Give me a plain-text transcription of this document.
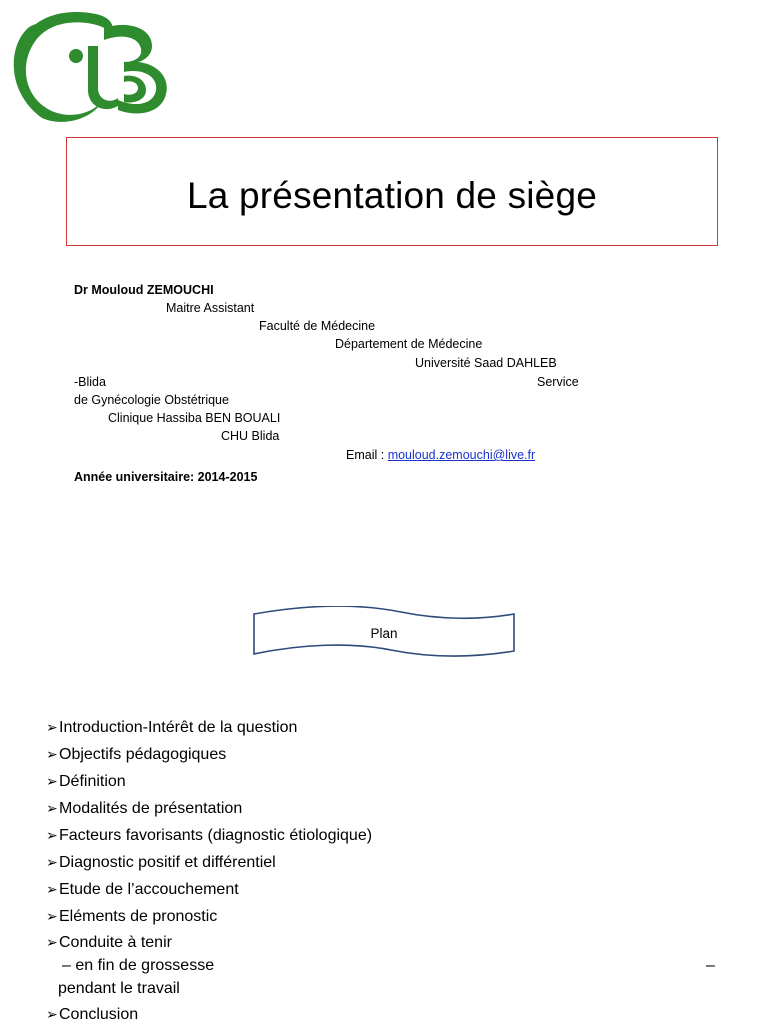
La présentation de siège
Dr Mouloud ZEMOUCHI
Maitre Assistant
Faculté de Médecine
Département de Médecine
Université Saad DAHLEB
-Blida	Service
de Gynécologie Obstétrique
Clinique Hassiba BEN BOUALI
CHU Blida
Email : mouloud.zemouchi@live.fr
Année universitaire: 2014-2015
Plan
➢Introduction-Intérêt de la question
➢Objectifs pédagogiques
➢Définition
➢Modalités de présentation
➢Facteurs favorisants (diagnostic étiologique)
➢Diagnostic positif et différentiel
➢Etude de l’accouchement
➢Eléments de pronostic
➢Conduite à tenir
– en fin de grossesse	–
pendant le travail
➢Conclusion
